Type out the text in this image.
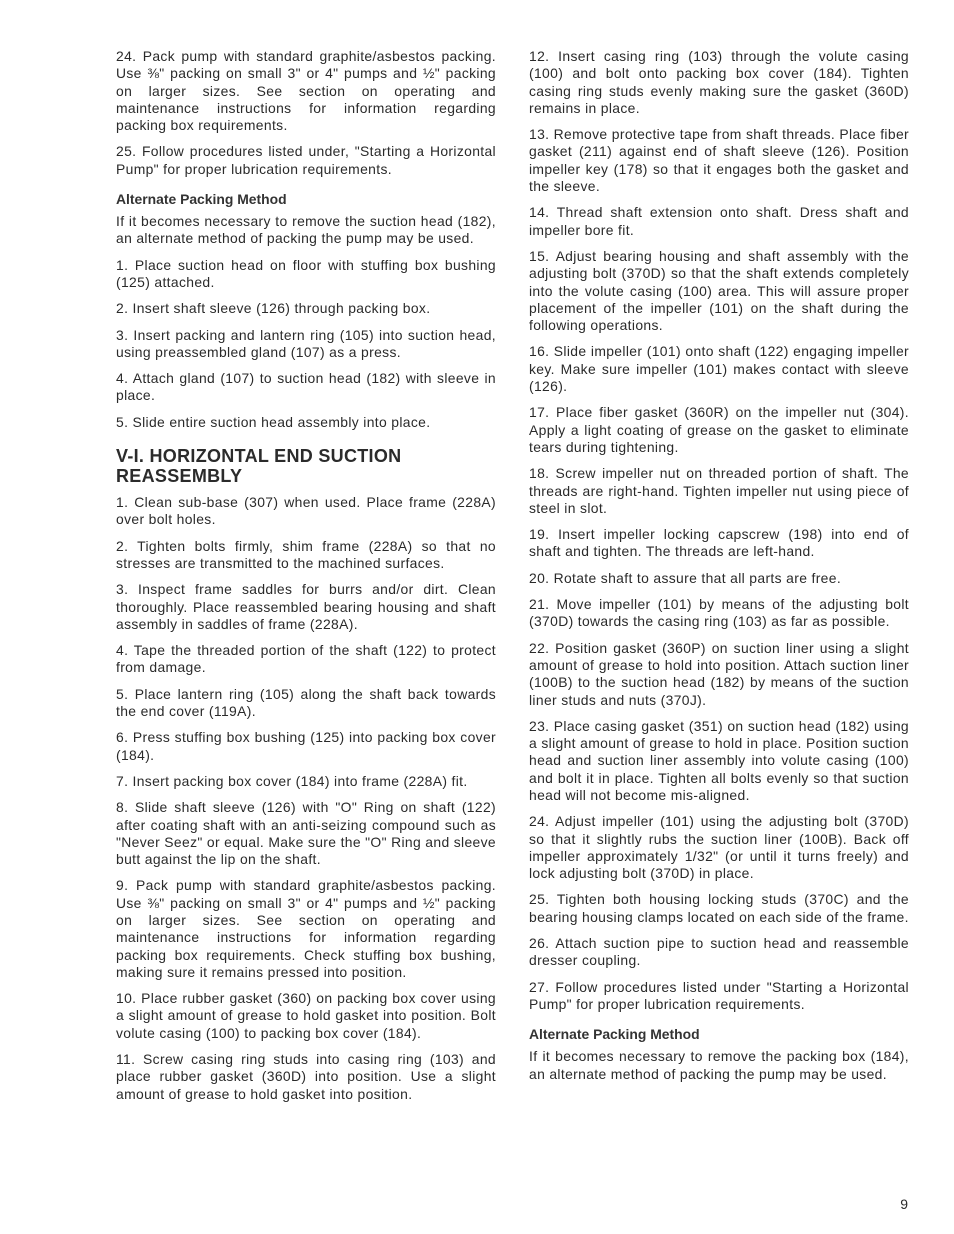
24. Pack pump with standard graphite/asbestos packing. Use ⅜" packing on small 3" or 4" pumps and ½" packing on larger sizes. See section on operating and maintenance instructions for information regarding packing box requirements.

25. Follow procedures listed under, "Starting a Horizontal Pump" for proper lubrication requirements.

Alternate Packing Method

If it becomes necessary to remove the suction head (182), an alternate method of packing the pump may be used.

1. Place suction head on floor with stuffing box bushing (125) attached.

2. Insert shaft sleeve (126) through packing box.

3. Insert packing and lantern ring (105) into suction head, using preassembled gland (107) as a press.

4. Attach gland (107) to suction head (182) with sleeve in place.

5. Slide entire suction head assembly into place.

V-I. HORIZONTAL END SUCTION REASSEMBLY

1. Clean sub-base (307) when used. Place frame (228A) over bolt holes.

2. Tighten bolts firmly, shim frame (228A) so that no stresses are transmitted to the machined surfaces.

3. Inspect frame saddles for burrs and/or dirt. Clean thoroughly. Place reassembled bearing housing and shaft assembly in saddles of frame (228A).

4. Tape the threaded portion of the shaft (122) to protect from damage.

5. Place lantern ring (105) along the shaft back towards the end cover (119A).

6. Press stuffing box bushing (125) into packing box cover (184).

7. Insert packing box cover (184) into frame (228A) fit.

8. Slide shaft sleeve (126) with "O" Ring on shaft (122) after coating shaft with an anti-seizing compound such as "Never Seez" or equal. Make sure the "O" Ring and sleeve butt against the lip on the shaft.

9. Pack pump with standard graphite/asbestos packing. Use ⅜" packing on small 3" or 4" pumps and ½" packing on larger sizes. See section on operating and maintenance instructions for information regarding packing box requirements. Check stuffing box bushing, making sure it remains pressed into position.

10. Place rubber gasket (360) on packing box cover using a slight amount of grease to hold gasket into position. Bolt volute casing (100) to packing box cover (184).

11. Screw casing ring studs into casing ring (103) and place rubber gasket (360D) into position. Use a slight amount of grease to hold gasket into position.

12. Insert casing ring (103) through the volute casing (100) and bolt onto packing box cover (184). Tighten casing ring studs evenly making sure the gasket (360D) remains in place.

13. Remove protective tape from shaft threads. Place fiber gasket (211) against end of shaft sleeve (126). Position impeller key (178) so that it engages both the gasket and the sleeve.

14. Thread shaft extension onto shaft. Dress shaft and impeller bore fit.

15. Adjust bearing housing and shaft assembly with the adjusting bolt (370D) so that the shaft extends completely into the volute casing (100) area. This will assure proper placement of the impeller (101) on the shaft during the following operations.

16. Slide impeller (101) onto shaft (122) engaging impeller key. Make sure impeller (101) makes contact with sleeve (126).

17. Place fiber gasket (360R) on the impeller nut (304). Apply a light coating of grease on the gasket to eliminate tears during tightening.

18. Screw impeller nut on threaded portion of shaft. The threads are right-hand. Tighten impeller nut using piece of steel in slot.

19. Insert impeller locking capscrew (198) into end of shaft and tighten. The threads are left-hand.

20. Rotate shaft to assure that all parts are free.

21. Move impeller (101) by means of the adjusting bolt (370D) towards the casing ring (103) as far as possible.

22. Position gasket (360P) on suction liner using a slight amount of grease to hold into position. Attach suction liner (100B) to the suction head (182) by means of the suction liner studs and nuts (370J).

23. Place casing gasket (351) on suction head (182) using a slight amount of grease to hold in place. Position suction head and suction liner assembly into volute casing (100) and bolt it in place. Tighten all bolts evenly so that suction head will not become mis-aligned.

24. Adjust impeller (101) using the adjusting bolt (370D) so that it slightly rubs the suction liner (100B). Back off impeller approximately 1/32" (or until it turns freely) and lock adjusting bolt (370D) in place.

25. Tighten both housing locking studs (370C) and the bearing housing clamps located on each side of the frame.

26. Attach suction pipe to suction head and reassemble dresser coupling.

27. Follow procedures listed under "Starting a Horizontal Pump" for proper lubrication requirements.

Alternate Packing Method

If it becomes necessary to remove the packing box (184), an alternate method of packing the pump may be used.

9
